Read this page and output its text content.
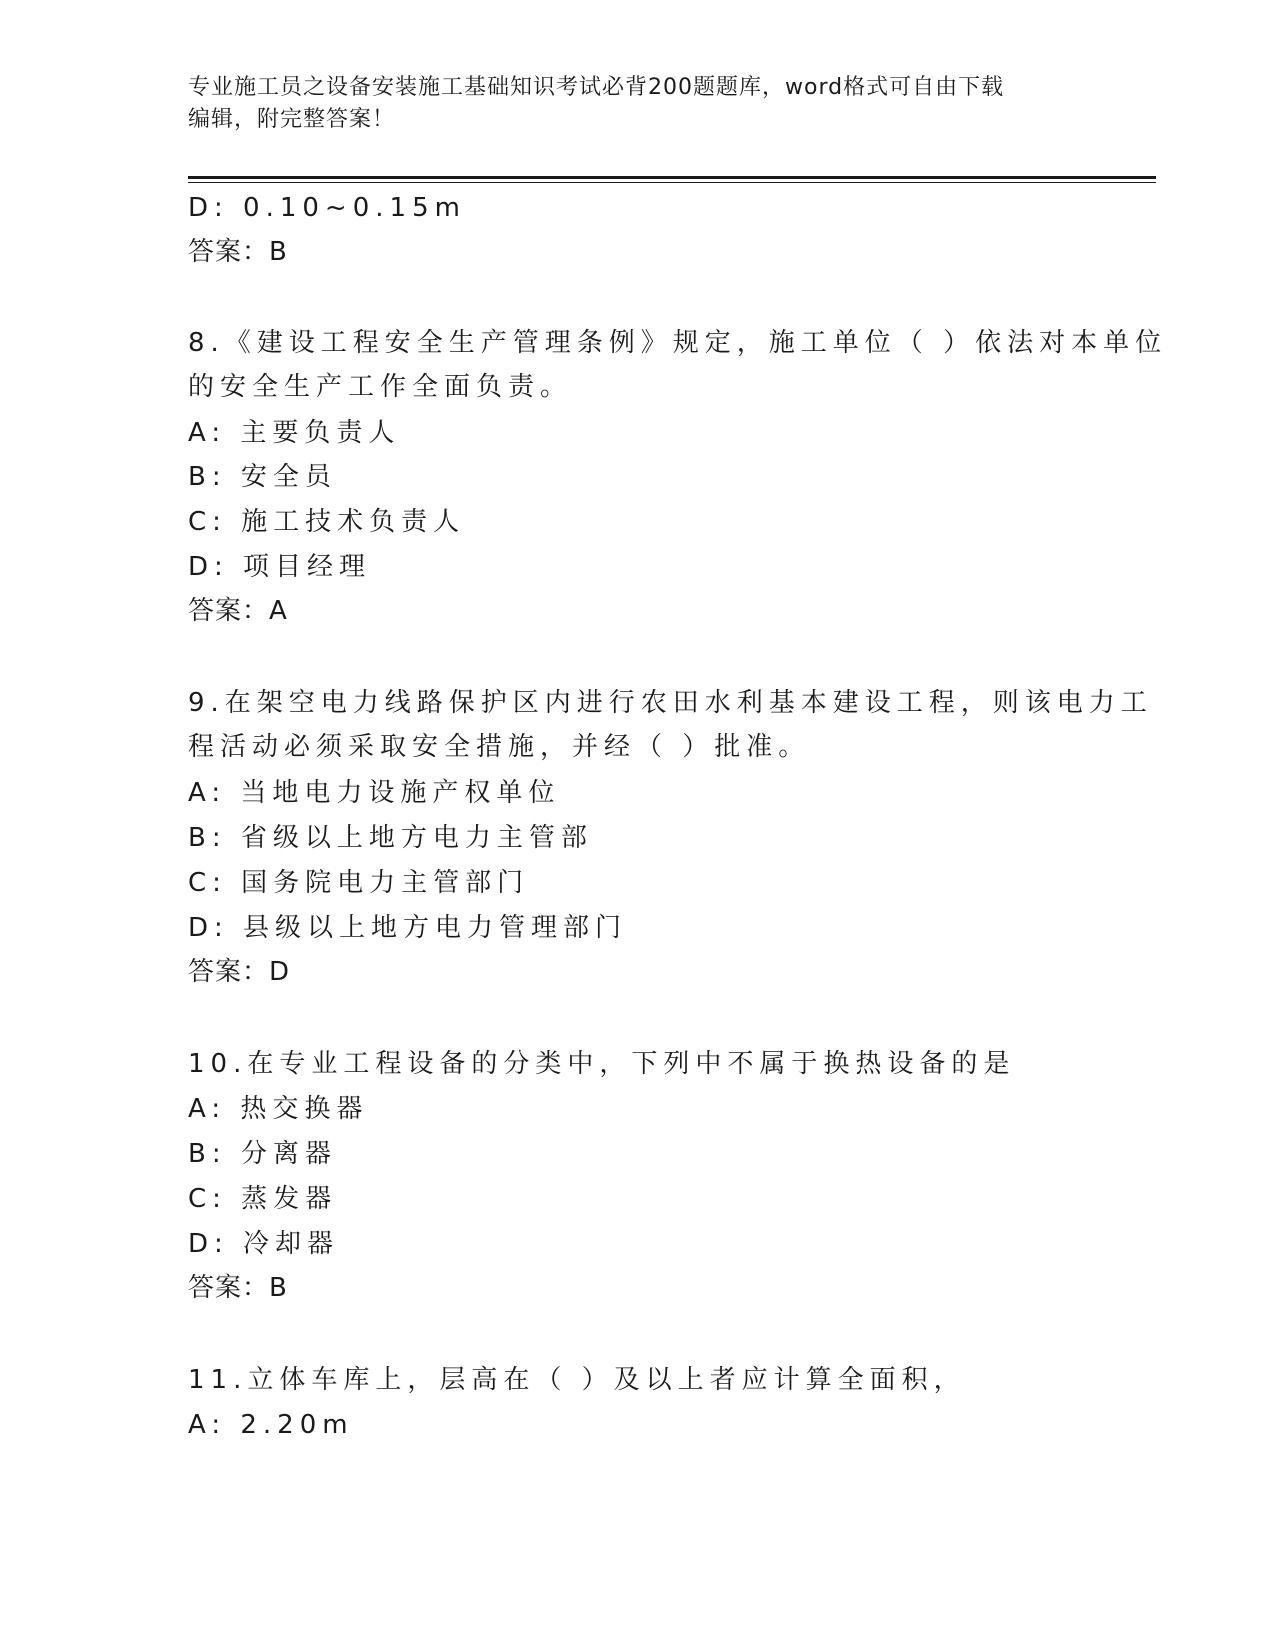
专业施工员之设备安装施工基础知识考试必背200题题库，word格式可自由下载
编辑，附完整答案！
D: 0.10~0.15m
答案：B
8.《建设工程安全生产管理条例》规定，施工单位（ ）依法对本单位
的安全生产工作全面负责。
A: 主要负责人
B: 安全员
C: 施工技术负责人
D: 项目经理
答案：A
9.在架空电力线路保护区内进行农田水利基本建设工程，则该电力工
程活动必须采取安全措施，并经（ ）批准。
A: 当地电力设施产权单位
B: 省级以上地方电力主管部
C: 国务院电力主管部门
D: 县级以上地方电力管理部门
答案：D
10.在专业工程设备的分类中，下列中不属于换热设备的是
A: 热交换器
B: 分离器
C: 蒸发器
D: 冷却器
答案：B
11.立体车库上，层高在（ ）及以上者应计算全面积，
A: 2.20m
